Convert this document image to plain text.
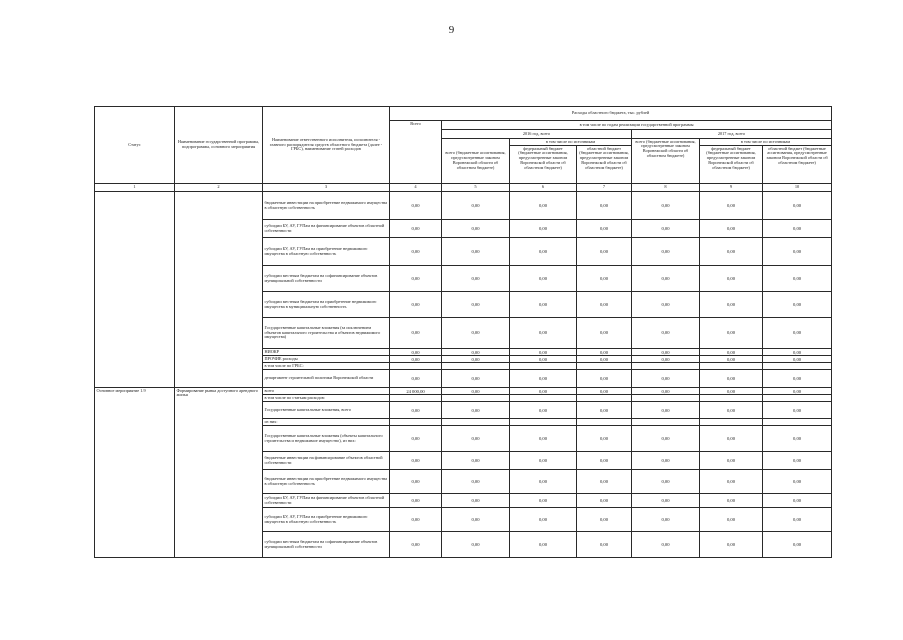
9
Статус	Наименование государственной программы, подпрограммы, основного мероприятия	Наименование ответственного исполнителя, исполнителя - главного распорядителя средств областного бюджета (далее - ГРБС), наименование статей расходов	Расходы областного бюджета, тыс. рублей						
			Всего	в том числе по годам реализации государственной программы					
				2016 год, всего			2017 год, всего		
				всего (бюджетные ассигнования, предусмотренные законом Воронежской области об областном бюджете)	в том числе по источникам		всего (бюджетные ассигнования, предусмотренные законом Воронежской области об областном бюджете)	в том числе по источникам	
					федеральный бюджет (бюджетные ассигнования, предусмотренные законом Воронежской области об областном бюджете)	областной бюджет (бюджетные ассигнования, предусмотренные законом Воронежской области об областном бюджете)		федеральный бюджет (бюджетные ассигнования, предусмотренные законом Воронежской области об областном бюджете)	областной бюджет (бюджетные ассигнования, предусмотренные законом Воронежской области об областном бюджете)
1	2	3	4	5	6	7	8	9	10
		бюджетные инвестиции на приобретение недвижимого имущества в областную собственность	0,00	0,00	0,00	0,00	0,00	0,00	0,00
		субсидии БУ, АУ, ГУПам на финансирование объектов областной собственности	0,00	0,00	0,00	0,00	0,00	0,00	0,00
		субсидии БУ, АУ, ГУПам на приобретение недвижимого имущества в областную собственность	0,00	0,00	0,00	0,00	0,00	0,00	0,00
		субсидии местным бюджетам на софинансирование объектов муниципальной собственности	0,00	0,00	0,00	0,00	0,00	0,00	0,00
		субсидии местным бюджетам на приобретение недвижимого имущества в муниципальную собственность	0,00	0,00	0,00	0,00	0,00	0,00	0,00
		Государственные капитальные вложения (за исключением объектов капитального строительства и объектов недвижимого имущества)	0,00	0,00	0,00	0,00	0,00	0,00	0,00
		НИОКР	0,00	0,00	0,00	0,00	0,00	0,00	0,00
		ПРОЧИЕ расходы	0,00	0,00	0,00	0,00	0,00	0,00	0,00
		в том числе по ГРБС:							
		департамент строительной политики Воронежской области	0,00	0,00	0,00	0,00	0,00	0,00	0,00
Основное мероприятие 1.9	Формирование рынка доступного арендного жилья	всего	24 000,00	0,00	0,00	0,00	0,00	0,00	0,00
		в том числе по статьям расходов:							
		Государственные капитальные вложения, всего	0,00	0,00	0,00	0,00	0,00	0,00	0,00
		из них:							
		Государственные капитальные вложения (объекты капитального строительства и недвижимое имущество), из них:	0,00	0,00	0,00	0,00	0,00	0,00	0,00
		бюджетные инвестиции на финансирование объектов областной собственности	0,00	0,00	0,00	0,00	0,00	0,00	0,00
		бюджетные инвестиции на приобретение недвижимого имущества в областную собственность	0,00	0,00	0,00	0,00	0,00	0,00	0,00
		субсидии БУ, АУ, ГУПам на финансирование объектов областной собственности	0,00	0,00	0,00	0,00	0,00	0,00	0,00
		субсидии БУ, АУ, ГУПам на приобретение недвижимого имущества в областную собственность	0,00	0,00	0,00	0,00	0,00	0,00	0,00
		субсидии местным бюджетам на софинансирование объектов муниципальной собственности	0,00	0,00	0,00	0,00	0,00	0,00	0,00
